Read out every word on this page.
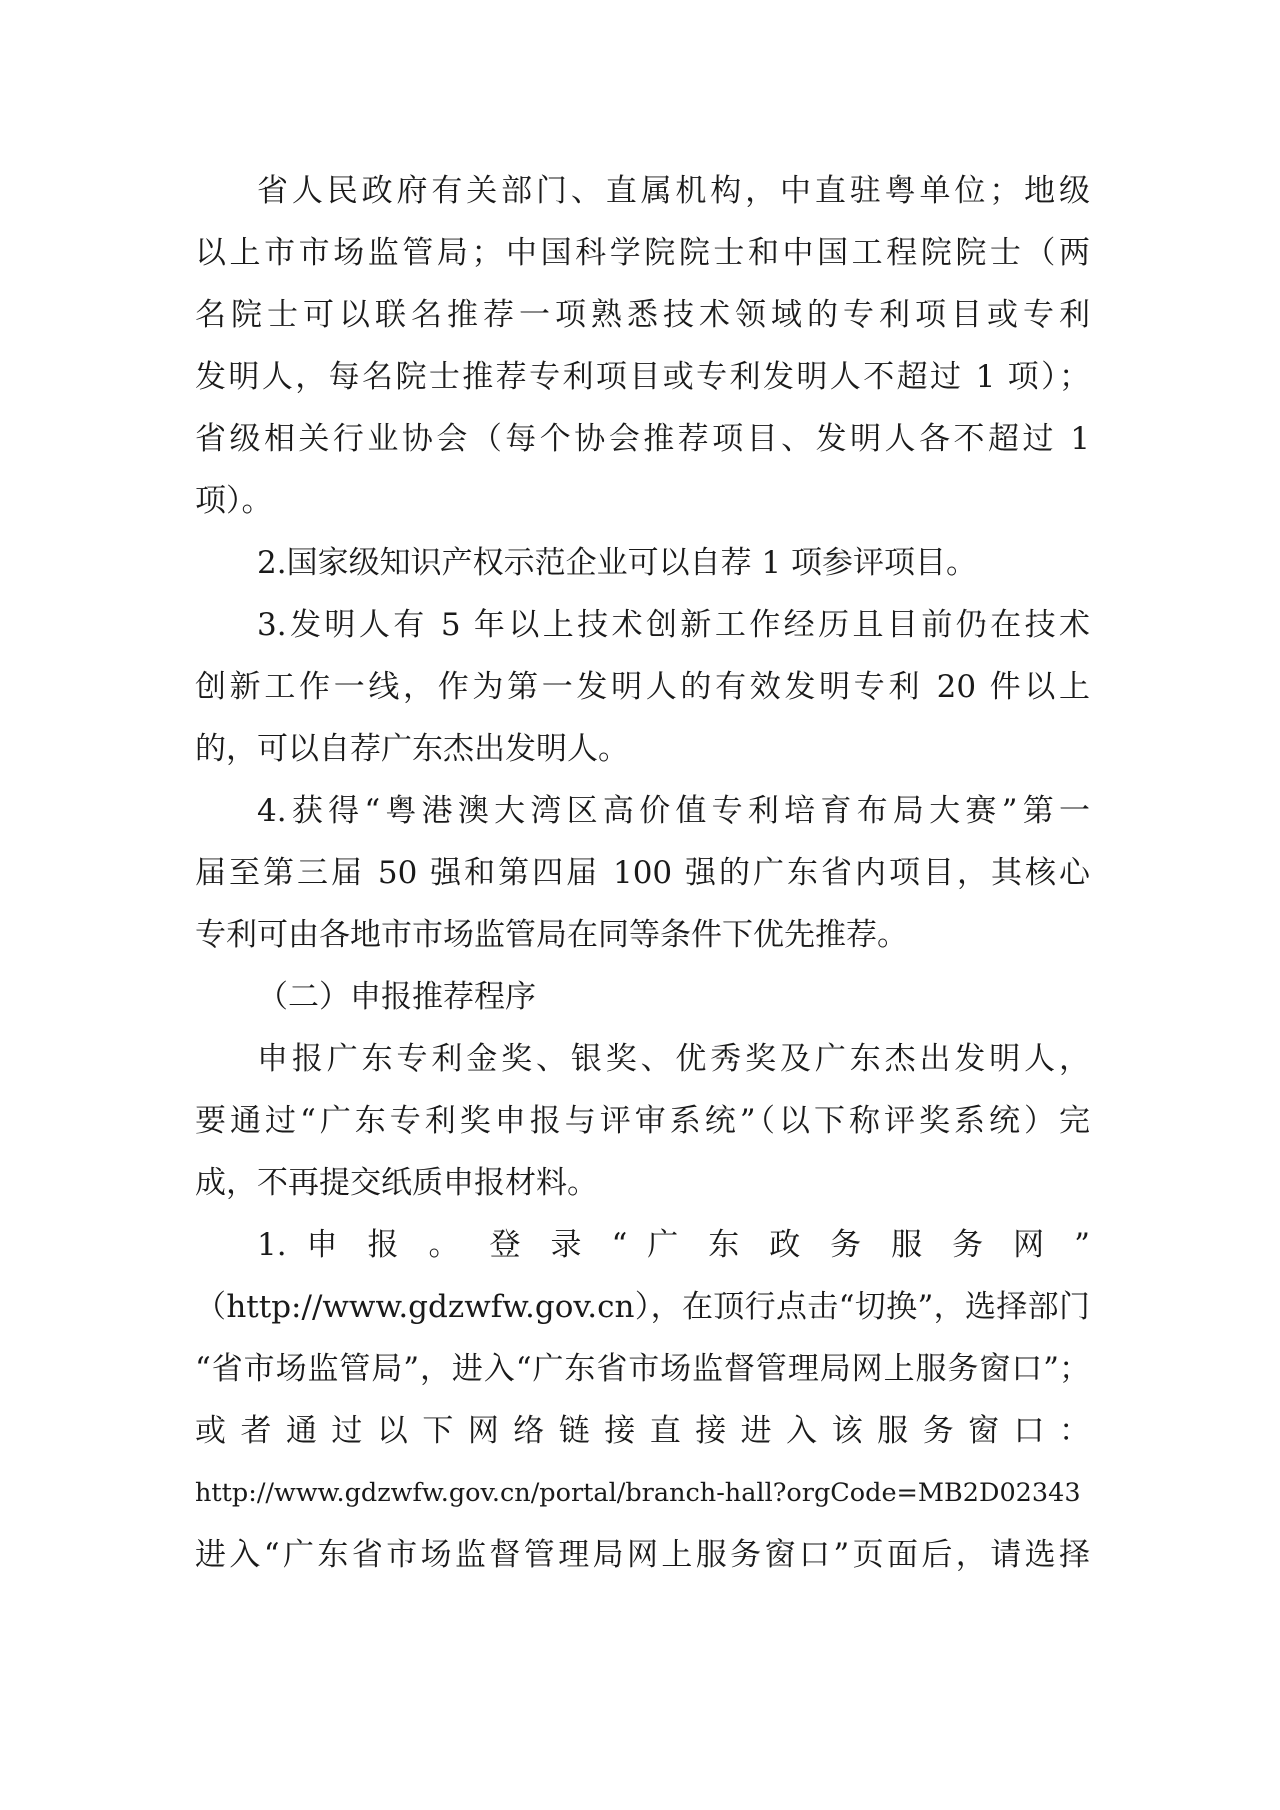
省人民政府有关部门、直属机构，中直驻粤单位；地级
以上市市场监管局；中国科学院院士和中国工程院院士（两
名院士可以联名推荐一项熟悉技术领域的专利项目或专利
发明人，每名院士推荐专利项目或专利发明人不超过 1 项）；
省级相关行业协会（每个协会推荐项目、发明人各不超过 1
项）。
2.国家级知识产权示范企业可以自荐 1 项参评项目。
3.发明人有 5 年以上技术创新工作经历且目前仍在技术
创新工作一线，作为第一发明人的有效发明专利 20 件以上
的，可以自荐广东杰出发明人。
4.获得“粤港澳大湾区高价值专利培育布局大赛”第一
届至第三届 50 强和第四届 100 强的广东省内项目，其核心
专利可由各地市市场监管局在同等条件下优先推荐。
（二）申报推荐程序
申报广东专利金奖、银奖、优秀奖及广东杰出发明人，
要通过“广东专利奖申报与评审系统”（以下称评奖系统）完
成，不再提交纸质申报材料。
1. 申 报 。 登 录 “ 广 东 政 务 服 务 网 ”
（http://www.gdzwfw.gov.cn），在顶行点击“切换”，选择部门
“省市场监管局”，进入“广东省市场监督管理局网上服务窗口”；
或 者 通 过 以 下 网 络 链 接 直 接 进 入 该 服 务 窗 口 ：
http://www.gdzwfw.gov.cn/portal/branch-hall?orgCode=MB2D02343
进入“广东省市场监督管理局网上服务窗口”页面后，请选择
